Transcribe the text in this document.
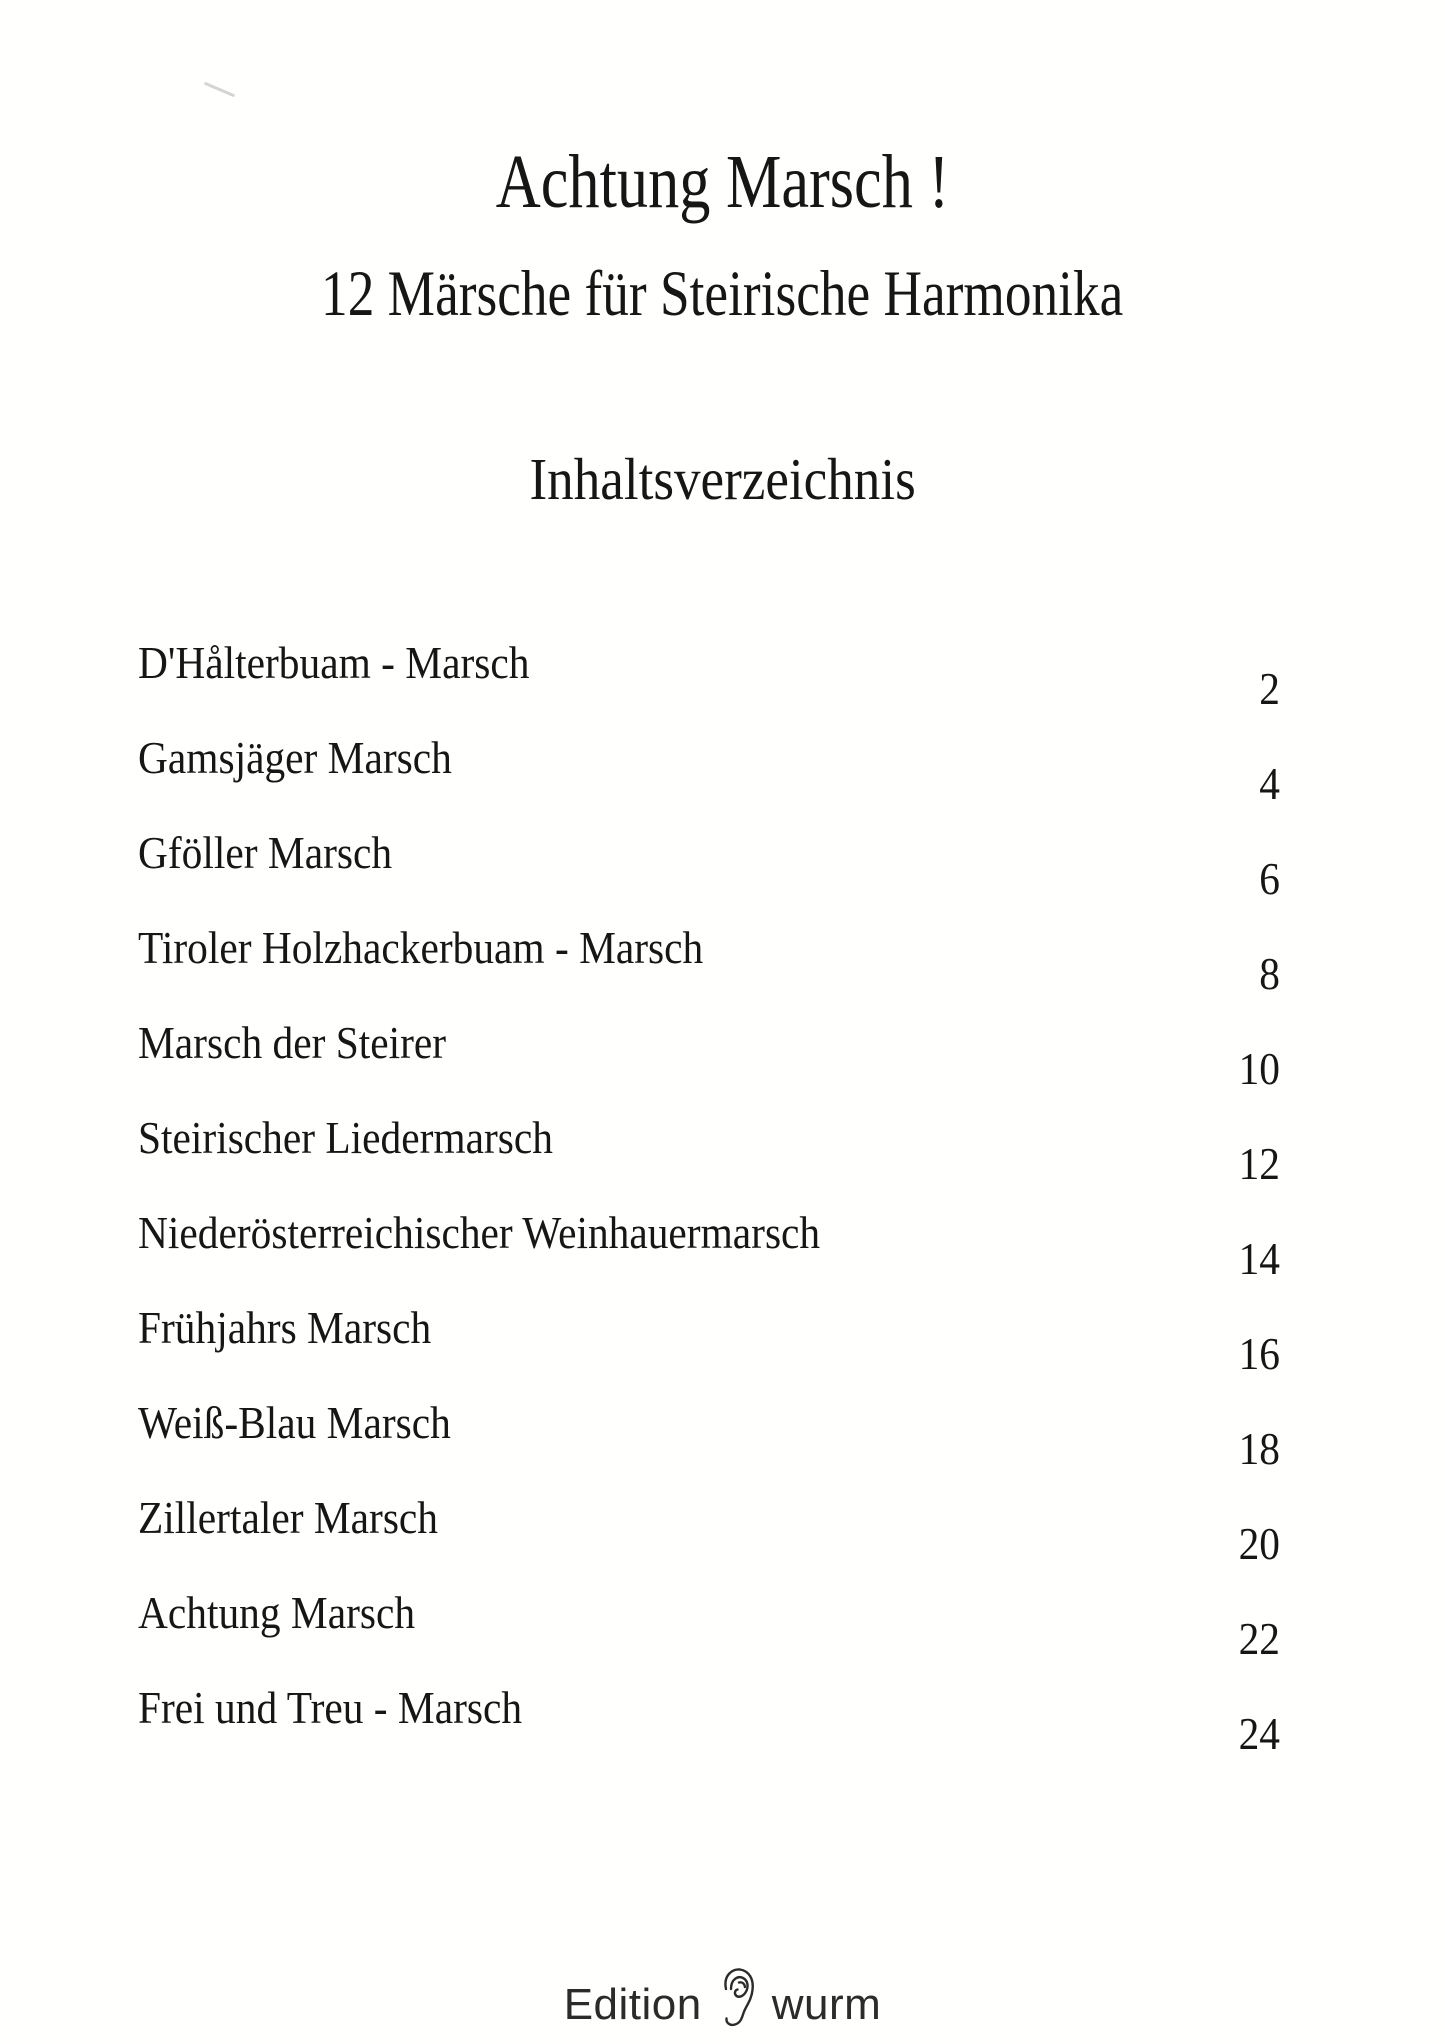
Achtung Marsch !
12 Märsche für Steirische Harmonika
Inhaltsverzeichnis
D'Hålterbuam - Marsch
2
Gamsjäger Marsch
4
Gföller Marsch
6
Tiroler Holzhackerbuam - Marsch
8
Marsch der Steirer
10
Steirischer Liedermarsch
12
Niederösterreichischer Weinhauermarsch
14
Frühjahrs Marsch
16
Weiß-Blau Marsch
18
Zillertaler Marsch
20
Achtung Marsch
22
Frei und Treu - Marsch
24
Edition wurm
